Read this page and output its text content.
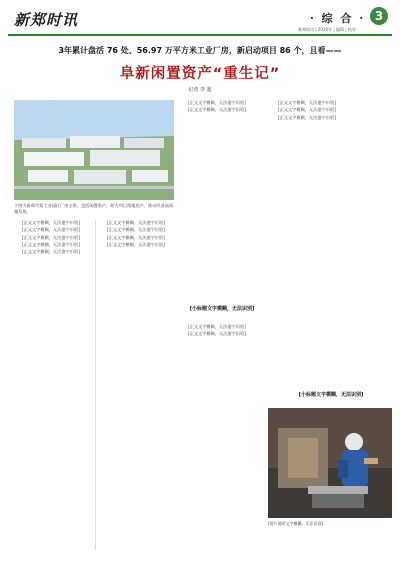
新郑时讯	· 综 合 · 3
新郑时讯 | 2020年 | 编辑 | 校对
3年累计盘活 76 处、56.97 万平方米工业厂房，新启动项目 86 个，且看——
阜新闲置资产“重生记”
记者 李 超
下图为新郑市某工业园区厂房全景。盘活闲置资产，助力项目落地投产，推动经济高质量发展。

[正文文字模糊，无法逐字识别]

[正文文字模糊，无法逐字识别]

[正文文字模糊，无法逐字识别]

[正文文字模糊，无法逐字识别]

[正文文字模糊，无法逐字识别]

[正文文字模糊，无法逐字识别]

[正文文字模糊，无法逐字识别]

[正文文字模糊，无法逐字识别]

[正文文字模糊，无法逐字识别]

[正文文字模糊，无法逐字识别]

[正文文字模糊，无法逐字识别]

[小标题文字模糊，无法识别]

[正文文字模糊，无法逐字识别]

[正文文字模糊，无法逐字识别]

[正文文字模糊，无法逐字识别]

[正文文字模糊，无法逐字识别]

[正文文字模糊，无法逐字识别]

[小标题文字模糊，无法识别]
[图片说明文字模糊，无法识别]
